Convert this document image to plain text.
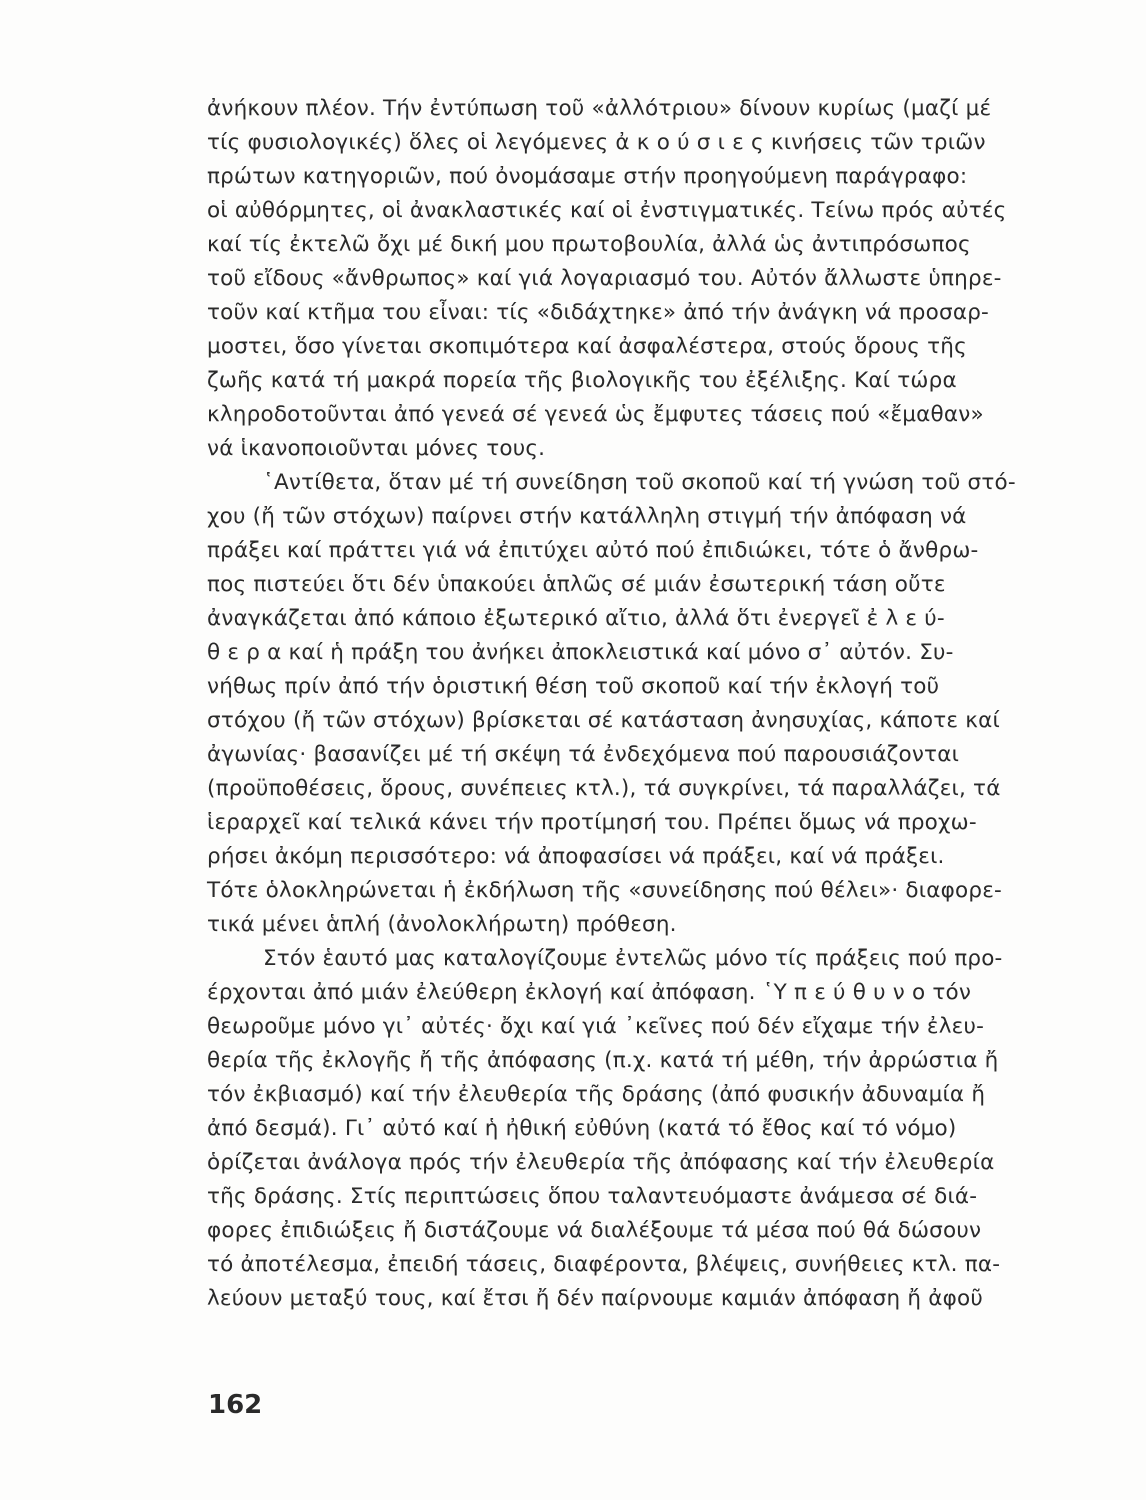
ἀνήκουν πλέον. Τήν ἐντύπωση τοῦ «ἀλλότριου» δίνουν κυρίως (μαζί μέ
τίς φυσιολογικές) ὅλες οἱ λεγόμενες ἀ κ ο ύ σ ι ε ς κινήσεις τῶν τριῶν
πρώτων κατηγοριῶν, πού ὀνομάσαμε στήν προηγούμενη παράγραφο:
οἱ αὐθόρμητες, οἱ ἀνακλαστικές καί οἱ ἐνστιγματικές. Τείνω πρός αὐτές
καί τίς ἐκτελῶ ὄχι μέ δική μου πρωτοβουλία, ἀλλά ὡς ἀντιπρόσωπος
τοῦ εἴδους «ἄνθρωπος» καί γιά λογαριασμό του. Αὐτόν ἄλλωστε ὑπηρε-
τοῦν καί κτῆμα του εἶναι: τίς «διδάχτηκε» ἀπό τήν ἀνάγκη νά προσαρ-
μοστει, ὅσο γίνεται σκοπιμότερα καί ἀσφαλέστερα, στούς ὅρους τῆς
ζωῆς κατά τή μακρά πορεία τῆς βιολογικῆς του ἐξέλιξης. Καί τώρα
κληροδοτοῦνται ἀπό γενεά σέ γενεά ὡς ἔμφυτες τάσεις πού «ἔμαθαν»
νά ἱκανοποιοῦνται μόνες τους.
῾Αντίθετα, ὅταν μέ τή συνείδηση τοῦ σκοποῦ καί τή γνώση τοῦ στό-
χου (ἤ τῶν στόχων) παίρνει στήν κατάλληλη στιγμή τήν ἀπόφαση νά
πράξει καί πράττει γιά νά ἐπιτύχει αὐτό πού ἐπιδιώκει, τότε ὁ ἄνθρω-
πος πιστεύει ὅτι δέν ὑπακούει ἁπλῶς σέ μιάν ἐσωτερική τάση οὔτε
ἀναγκάζεται ἀπό κάποιο ἐξωτερικό αἴτιο, ἀλλά ὅτι ἐνεργεῖ ἐ λ ε ύ-
θ ε ρ α καί ἡ πράξη του ἀνήκει ἀποκλειστικά καί μόνο σ᾽ αὐτόν. Συ-
νήθως πρίν ἀπό τήν ὁριστική θέση τοῦ σκοποῦ καί τήν ἐκλογή τοῦ
στόχου (ἤ τῶν στόχων) βρίσκεται σέ κατάσταση ἀνησυχίας, κάποτε καί
ἀγωνίας· βασανίζει μέ τή σκέψη τά ἐνδεχόμενα πού παρουσιάζονται
(προϋποθέσεις, ὅρους, συνέπειες κτλ.), τά συγκρίνει, τά παραλλάζει, τά
ἱεραρχεῖ καί τελικά κάνει τήν προτίμησή του. Πρέπει ὅμως νά προχω-
ρήσει ἀκόμη περισσότερο: νά ἀποφασίσει νά πράξει, καί νά πράξει.
Τότε ὁλοκληρώνεται ἡ ἐκδήλωση τῆς «συνείδησης πού θέλει»· διαφορε-
τικά μένει ἁπλή (ἀνολοκλήρωτη) πρόθεση.
Στόν ἑαυτό μας καταλογίζουμε ἐντελῶς μόνο τίς πράξεις πού προ-
έρχονται ἀπό μιάν ἐλεύθερη ἐκλογή καί ἀπόφαση. ῾Υ π ε ύ θ υ ν ο τόν
θεωροῦμε μόνο γι᾽ αὐτές· ὄχι καί γιά ᾽κεῖνες πού δέν εἴχαμε τήν ἐλευ-
θερία τῆς ἐκλογῆς ἤ τῆς ἀπόφασης (π.χ. κατά τή μέθη, τήν ἀρρώστια ἤ
τόν ἐκβιασμό) καί τήν ἐλευθερία τῆς δράσης (ἀπό φυσικήν ἀδυναμία ἤ
ἀπό δεσμά). Γι᾽ αὐτό καί ἡ ἠθική εὐθύνη (κατά τό ἔθος καί τό νόμο)
ὁρίζεται ἀνάλογα πρός τήν ἐλευθερία τῆς ἀπόφασης καί τήν ἐλευθερία
τῆς δράσης. Στίς περιπτώσεις ὅπου ταλαντευόμαστε ἀνάμεσα σέ διά-
φορες ἐπιδιώξεις ἤ διστάζουμε νά διαλέξουμε τά μέσα πού θά δώσουν
τό ἀποτέλεσμα, ἐπειδή τάσεις, διαφέροντα, βλέψεις, συνήθειες κτλ. πα-
λεύουν μεταξύ τους, καί ἔτσι ἤ δέν παίρνουμε καμιάν ἀπόφαση ἤ ἀφοῦ
162
